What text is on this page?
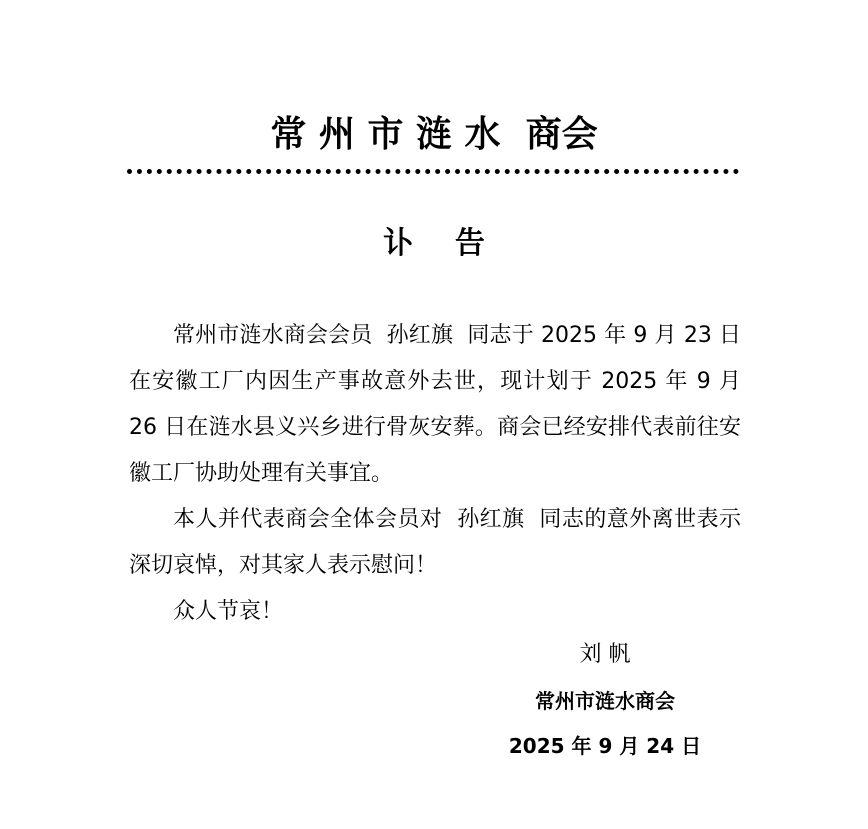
常 州 市 涟 水  商会
讣    告

常州市涟水商会会员  孙红旗  同志于 2025 年 9 月 23 日在安徽工厂内因生产事故意外去世，现计划于 2025 年 9 月 26 日在涟水县义兴乡进行骨灰安葬。商会已经安排代表前往安徽工厂协助处理有关事宜。

本人并代表商会全体会员对  孙红旗  同志的意外离世表示深切哀悼，对其家人表示慰问！

众人节哀！

刘 帆
常州市涟水商会
2025 年 9 月 24 日
